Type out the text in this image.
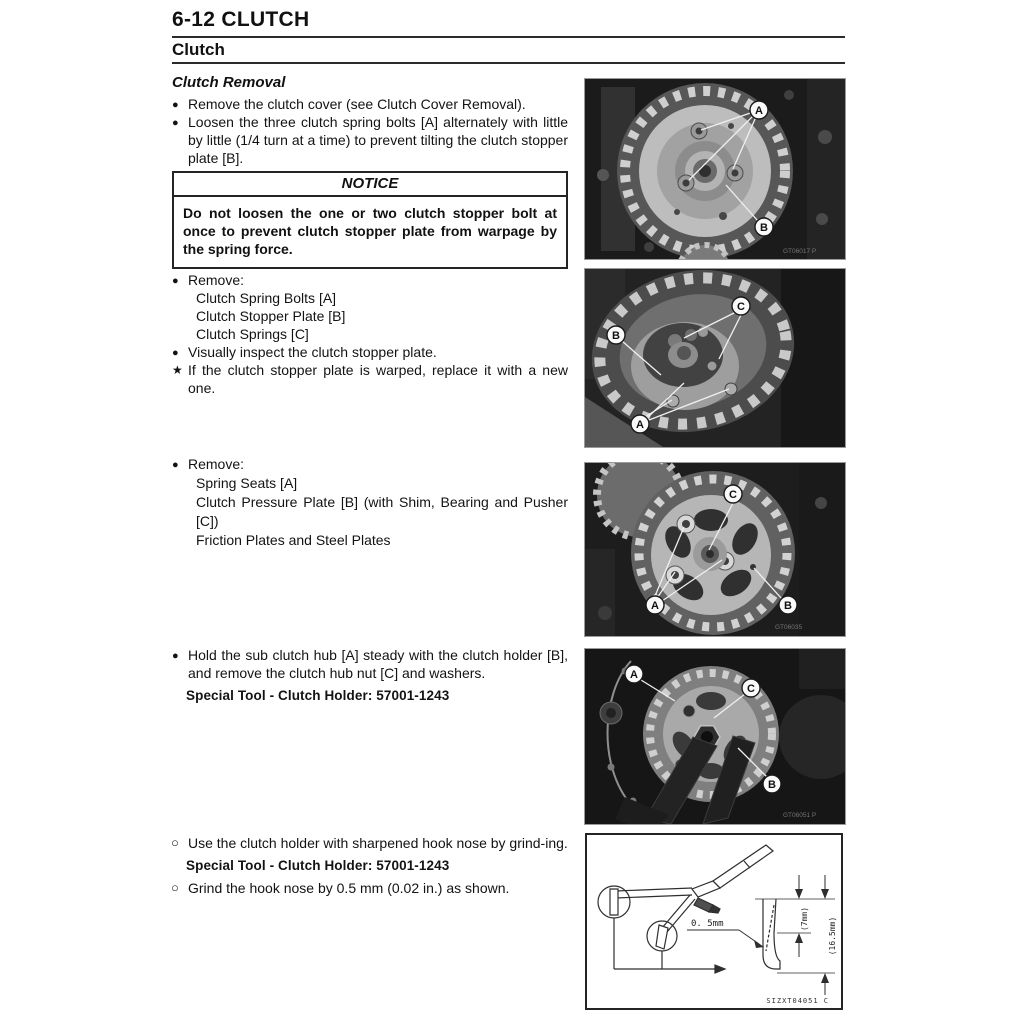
6-12 CLUTCH
Clutch
Clutch Removal
● Remove the clutch cover (see Clutch Cover Removal).
● Loosen the three clutch spring bolts [A] alternately with little by little (1/4 turn at a time) to prevent tilting the clutch stopper plate [B].
NOTICE
Do not loosen the one or two clutch stopper bolt at once to prevent clutch stopper plate from warpage by the spring force.
● Remove:
Clutch Spring Bolts [A]
Clutch Stopper Plate [B]
Clutch Springs [C]
● Visually inspect the clutch stopper plate.
★ If the clutch stopper plate is warped, replace it with a new one.
● Remove:
Spring Seats [A]
Clutch Pressure Plate [B] (with Shim, Bearing and Pusher [C])
Friction Plates and Steel Plates
● Hold the sub clutch hub [A] steady with the clutch holder [B], and remove the clutch hub nut [C] and washers.
Special Tool - Clutch Holder: 57001-1243
○ Use the clutch holder with sharpened hook nose by grind-ing.
Special Tool - Clutch Holder: 57001-1243
○ Grind the hook nose by 0.5 mm (0.02 in.) as shown.
A
B
GT06017 P
B
C
A
C
A	B
GT06035
A
C
B
GT06051 P
(7mm) (16.5mm)
0. 5mm
SIZXT04051 C
